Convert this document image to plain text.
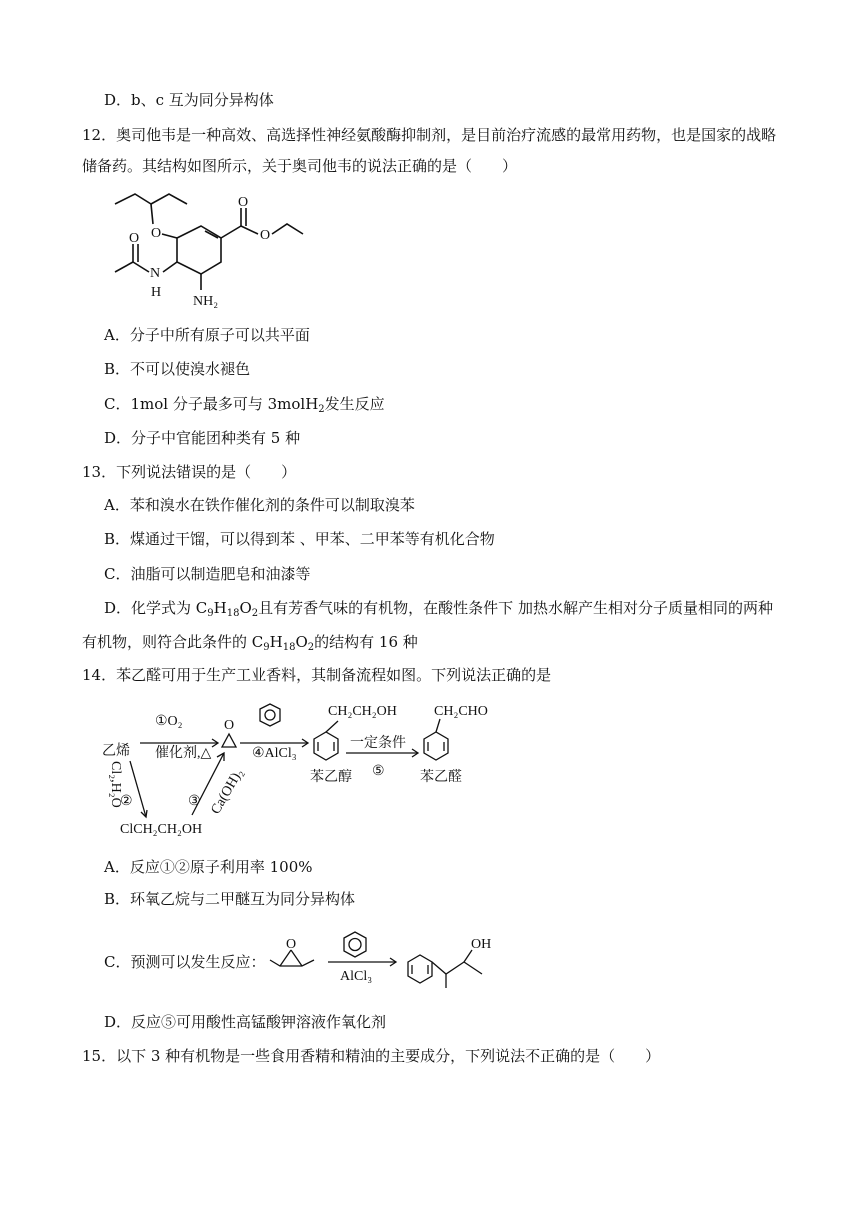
D．b、c 互为同分异构体
12．奥司他韦是一种高效、高选择性神经氨酸酶抑制剂，是目前治疗流感的最常用药物，也是国家的战略
储备药。其结构如图所示，关于奥司他韦的说法正确的是（　　）
O
O
O
O
N
H
NH₂
A．分子中所有原子可以共平面
B．不可以使溴水褪色
C．1mol 分子最多可与 3molH$_2$发生反应
D．分子中官能团种类有 5 种
13．下列说法错误的是（　　）
A．苯和溴水在铁作催化剂的条件可以制取溴苯
B．煤通过干馏，可以得到苯 、甲苯、二甲苯等有机化合物
C．油脂可以制造肥皂和油漆等
D．化学式为 $C_9H_{18}O_2$且有芳香气味的有机物，在酸性条件下 加热水解产生相对分子质量相同的两种
有机物，则符合此条件的 $C_9H_{18}O_2$的结构有 16 种
14．苯乙醛可用于生产工业香料，其制备流程如图。下列说法正确的是
乙烯
①O₂
催化剂,△
O
④AlCl₃
CH₂CH₂OH
一定条件
⑤
CH₂CHO
苯乙醇	苯乙醛
②	③
ClCH₂CH₂OH
Cl₂,H₂O	Ca(OH)₂
A．反应①②原子利用率 100%
B．环氧乙烷与二甲醚互为同分异构体
C．预测可以发生反应：
O
AlCl₃
OH
D．反应⑤可用酸性高锰酸钾溶液作氧化剂
15．以下 3 种有机物是一些食用香精和精油的主要成分，下列说法不正确的是（　　）
